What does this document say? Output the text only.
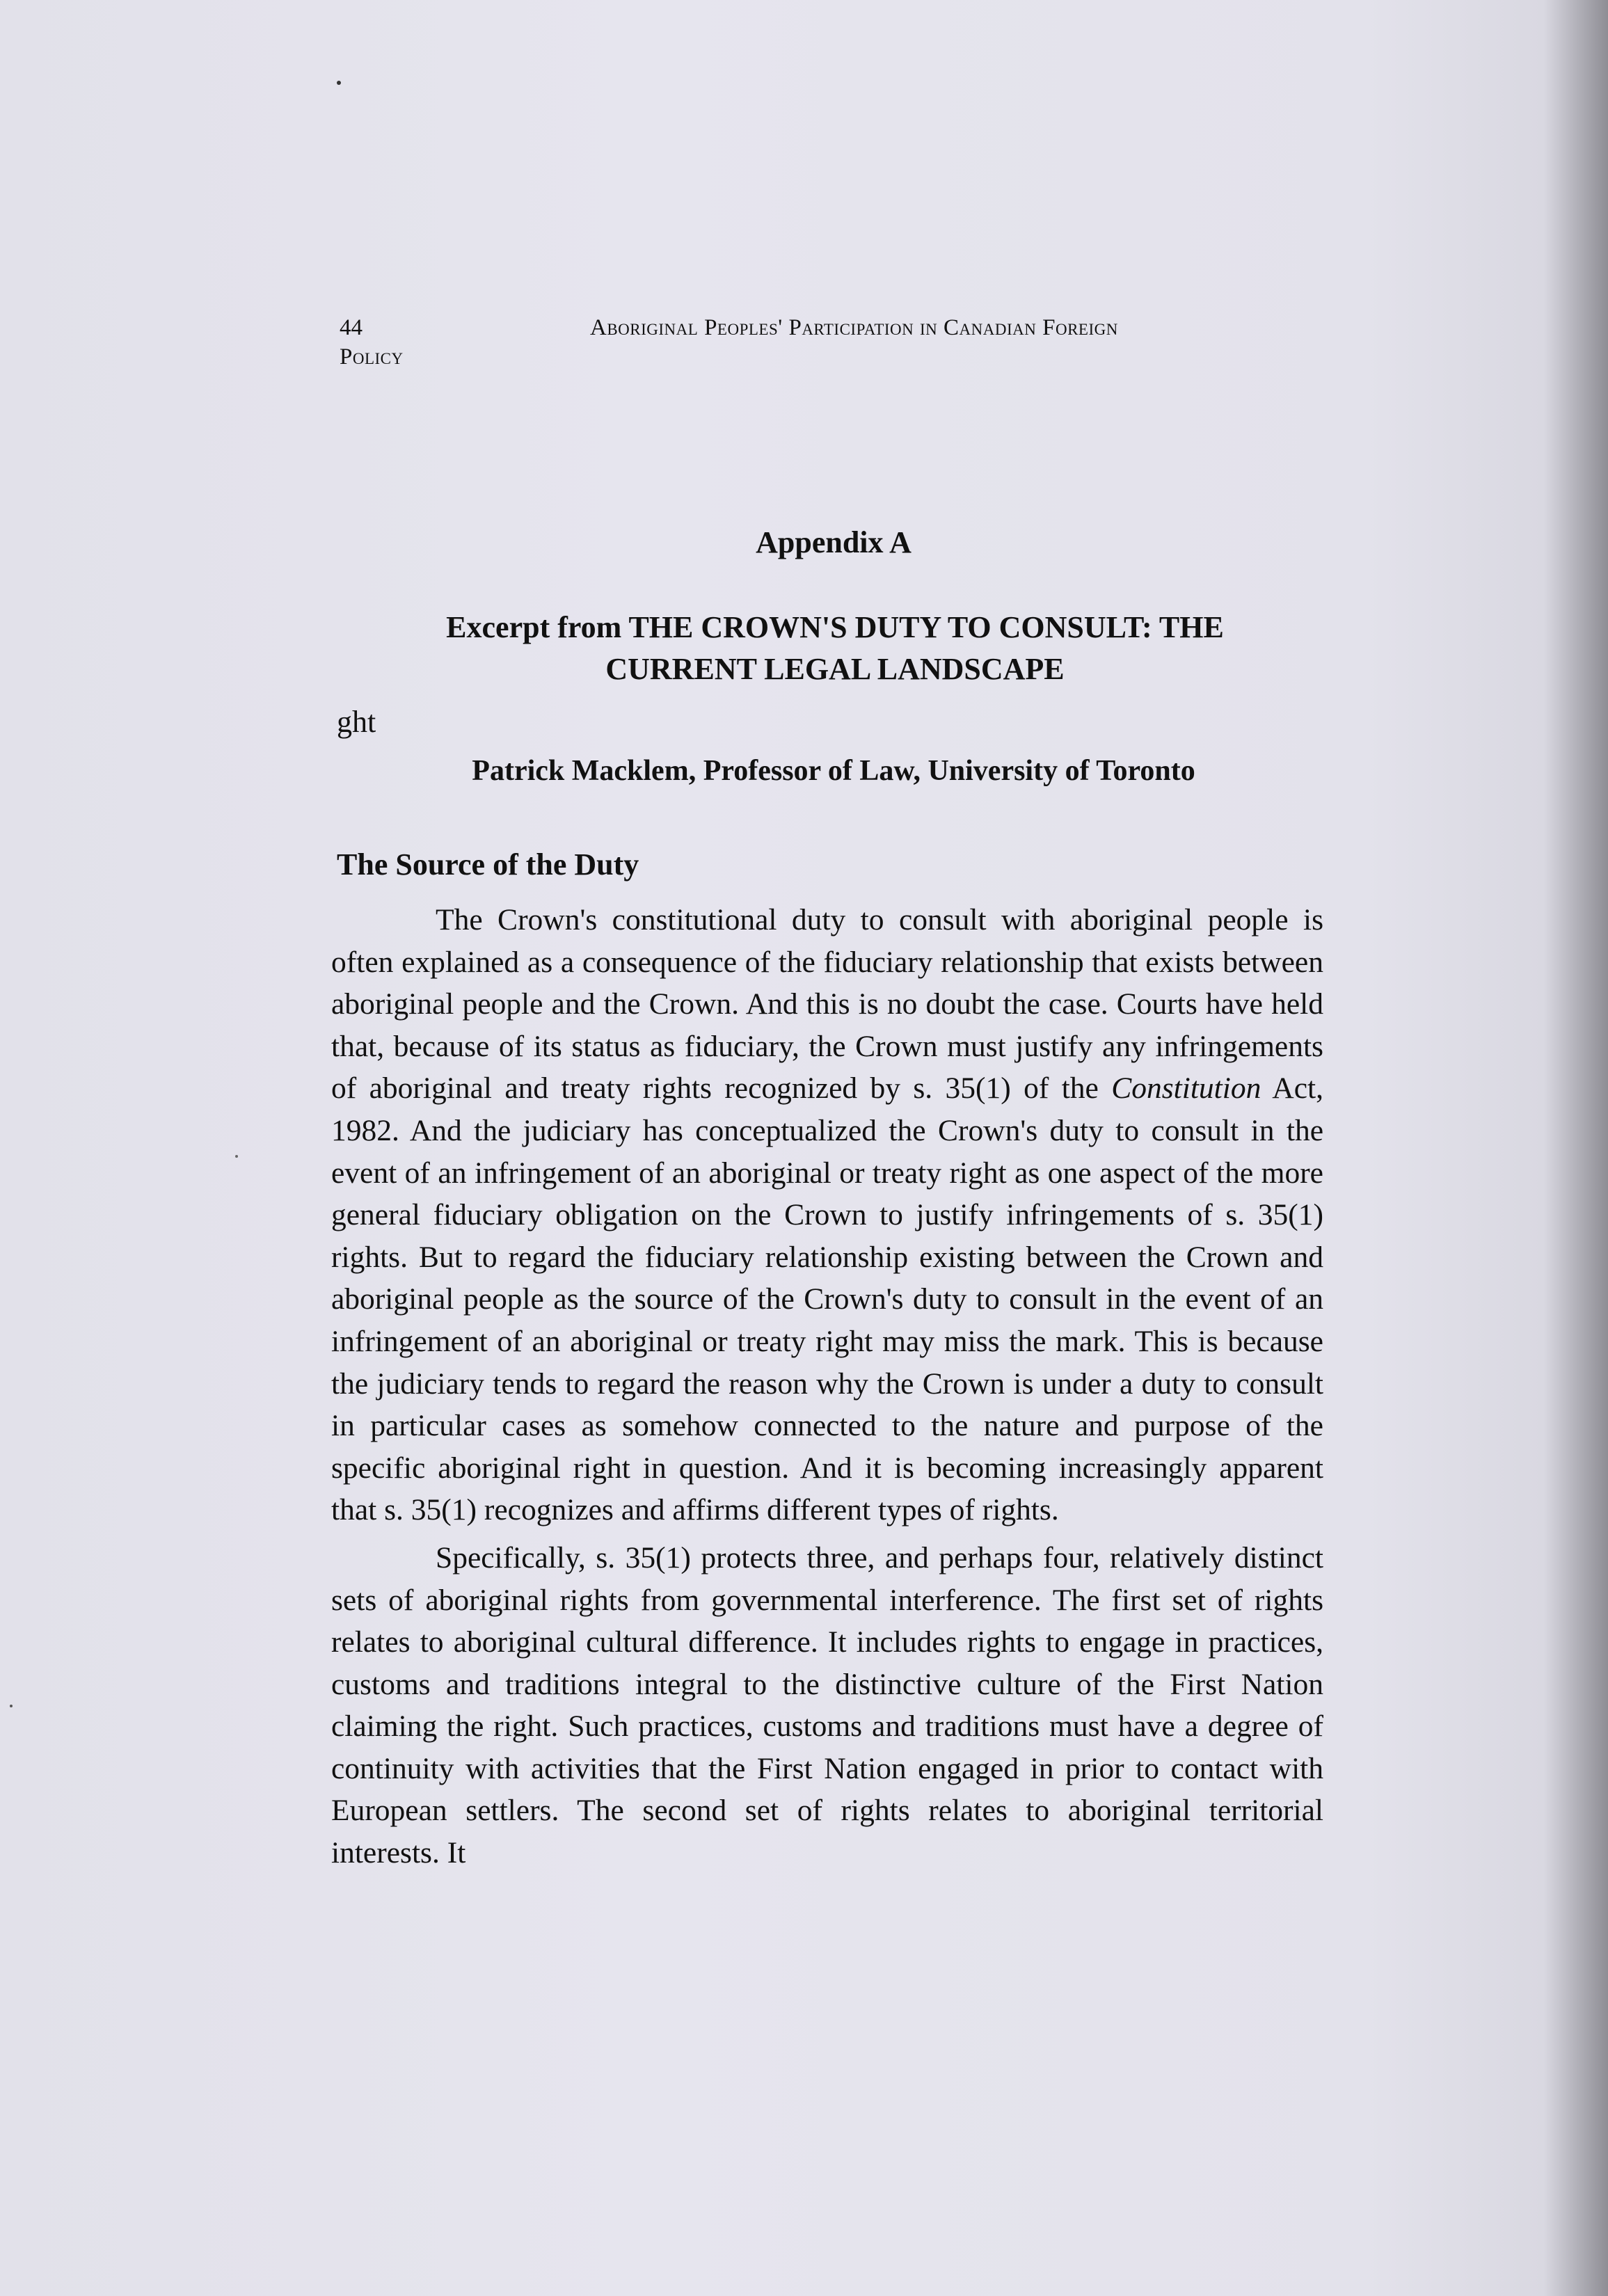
44	Aboriginal Peoples' Participation in Canadian Foreign
Policy
Appendix A
Excerpt from THE CROWN'S DUTY TO CONSULT: THE CURRENT LEGAL LANDSCAPE
ght
Patrick Macklem, Professor of Law, University of Toronto
The Source of the Duty

The Crown's constitutional duty to consult with aboriginal people is often explained as a consequence of the fiduciary relationship that exists between aboriginal people and the Crown. And this is no doubt the case. Courts have held that, because of its status as fiduciary, the Crown must justify any infringements of aboriginal and treaty rights recognized by s. 35(1) of the Constitution Act, 1982. And the judiciary has conceptualized the Crown's duty to consult in the event of an infringement of an aboriginal or treaty right as one aspect of the more general fiduciary obligation on the Crown to justify infringements of s. 35(1) rights. But to regard the fiduciary relationship existing between the Crown and aboriginal people as the source of the Crown's duty to consult in the event of an infringement of an aboriginal or treaty right may miss the mark. This is because the judiciary tends to regard the reason why the Crown is under a duty to consult in particular cases as somehow connected to the nature and purpose of the specific aboriginal right in question. And it is becoming increasingly apparent that s. 35(1) recognizes and affirms different types of rights.

Specifically, s. 35(1) protects three, and perhaps four, relatively distinct sets of aboriginal rights from governmental interference. The first set of rights relates to aboriginal cultural difference. It includes rights to engage in practices, customs and traditions integral to the distinctive culture of the First Nation claiming the right. Such practices, customs and traditions must have a degree of continuity with activities that the First Nation engaged in prior to contact with European settlers. The second set of rights relates to aboriginal territorial interests. It
